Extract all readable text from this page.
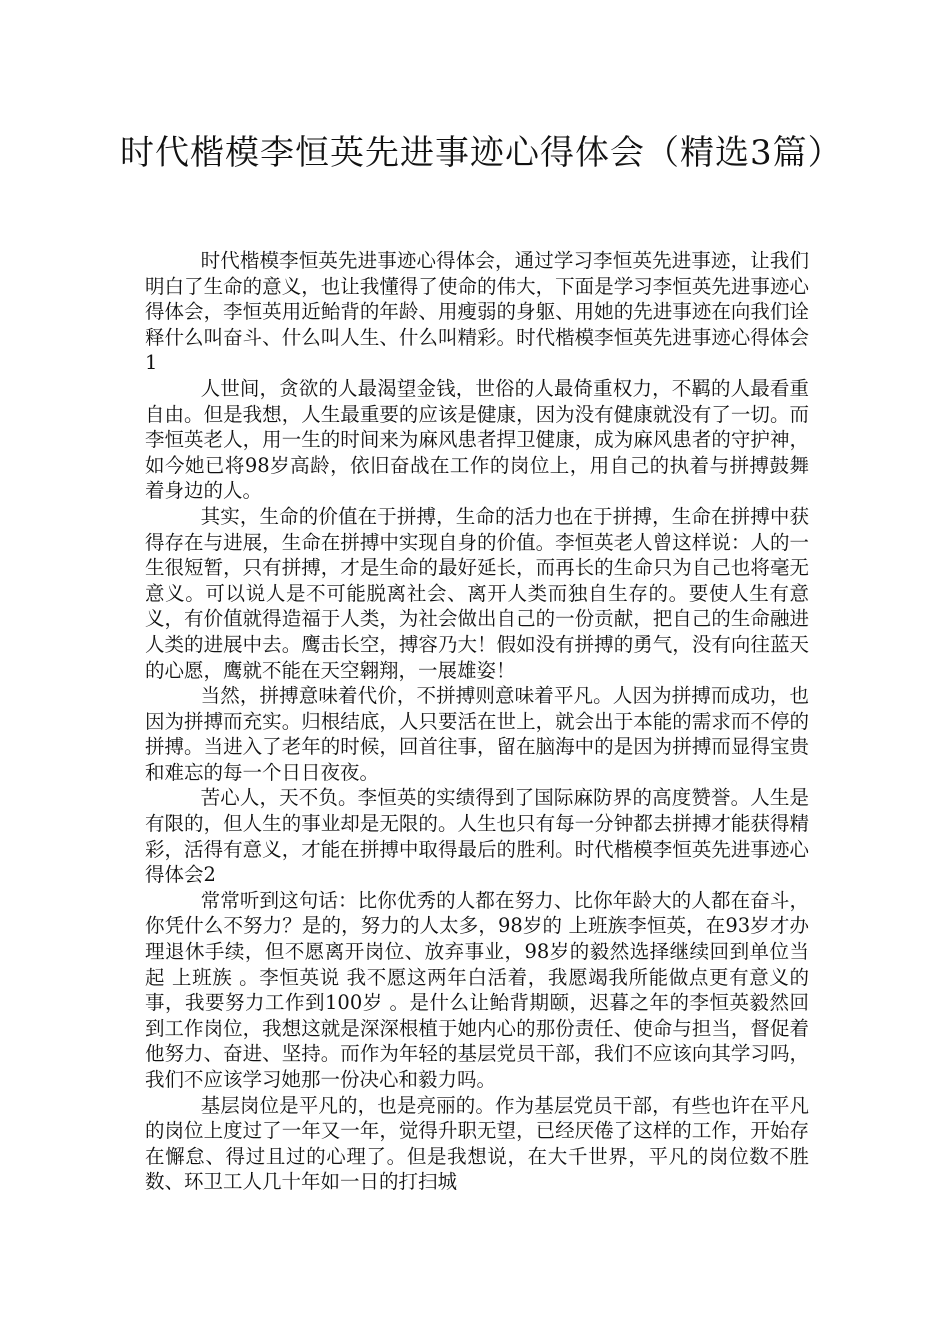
时代楷模李恒英先进事迹心得体会（精选3篇）

时代楷模李恒英先进事迹心得体会，通过学习李恒英先进事迹，让我们明白了生命的意义，也让我懂得了使命的伟大，下面是学习李恒英先进事迹心得体会，李恒英用近鲐背的年龄、用瘦弱的身躯、用她的先进事迹在向我们诠释什么叫奋斗、什么叫人生、什么叫精彩。时代楷模李恒英先进事迹心得体会1

人世间，贪欲的人最渴望金钱，世俗的人最倚重权力，不羁的人最看重自由。但是我想，人生最重要的应该是健康，因为没有健康就没有了一切。而李恒英老人，用一生的时间来为麻风患者捍卫健康，成为麻风患者的守护神，如今她已将98岁高龄，依旧奋战在工作的岗位上，用自己的执着与拼搏鼓舞着身边的人。

其实，生命的价值在于拼搏，生命的活力也在于拼搏，生命在拼搏中获得存在与进展，生命在拼搏中实现自身的价值。李恒英老人曾这样说：人的一生很短暂，只有拼搏，才是生命的最好延长，而再长的生命只为自己也将毫无意义。可以说人是不可能脱离社会、离开人类而独自生存的。要使人生有意义，有价值就得造福于人类，为社会做出自己的一份贡献，把自己的生命融进人类的进展中去。鹰击长空，搏容乃大！假如没有拼搏的勇气，没有向往蓝天的心愿，鹰就不能在天空翱翔，一展雄姿！

当然，拼搏意味着代价，不拼搏则意味着平凡。人因为拼搏而成功，也因为拼搏而充实。归根结底，人只要活在世上，就会出于本能的需求而不停的拼搏。当进入了老年的时候，回首往事，留在脑海中的是因为拼搏而显得宝贵和难忘的每一个日日夜夜。

苦心人，天不负。李恒英的实绩得到了国际麻防界的高度赞誉。人生是有限的，但人生的事业却是无限的。人生也只有每一分钟都去拼搏才能获得精彩，活得有意义，才能在拼搏中取得最后的胜利。时代楷模李恒英先进事迹心得体会2

常常听到这句话：比你优秀的人都在努力、比你年龄大的人都在奋斗，你凭什么不努力？是的，努力的人太多，98岁的 上班族李恒英，在93岁才办理退休手续，但不愿离开岗位、放弃事业，98岁的毅然选择继续回到单位当起 上班族 。李恒英说 我不愿这两年白活着，我愿竭我所能做点更有意义的事，我要努力工作到100岁 。是什么让鲐背期颐，迟暮之年的李恒英毅然回到工作岗位，我想这就是深深根植于她内心的那份责任、使命与担当，督促着他努力、奋进、坚持。而作为年轻的基层党员干部，我们不应该向其学习吗，我们不应该学习她那一份决心和毅力吗。

基层岗位是平凡的，也是亮丽的。作为基层党员干部，有些也许在平凡的岗位上度过了一年又一年，觉得升职无望，已经厌倦了这样的工作，开始存在懈怠、得过且过的心理了。但是我想说，在大千世界，平凡的岗位数不胜数、环卫工人几十年如一日的打扫城
